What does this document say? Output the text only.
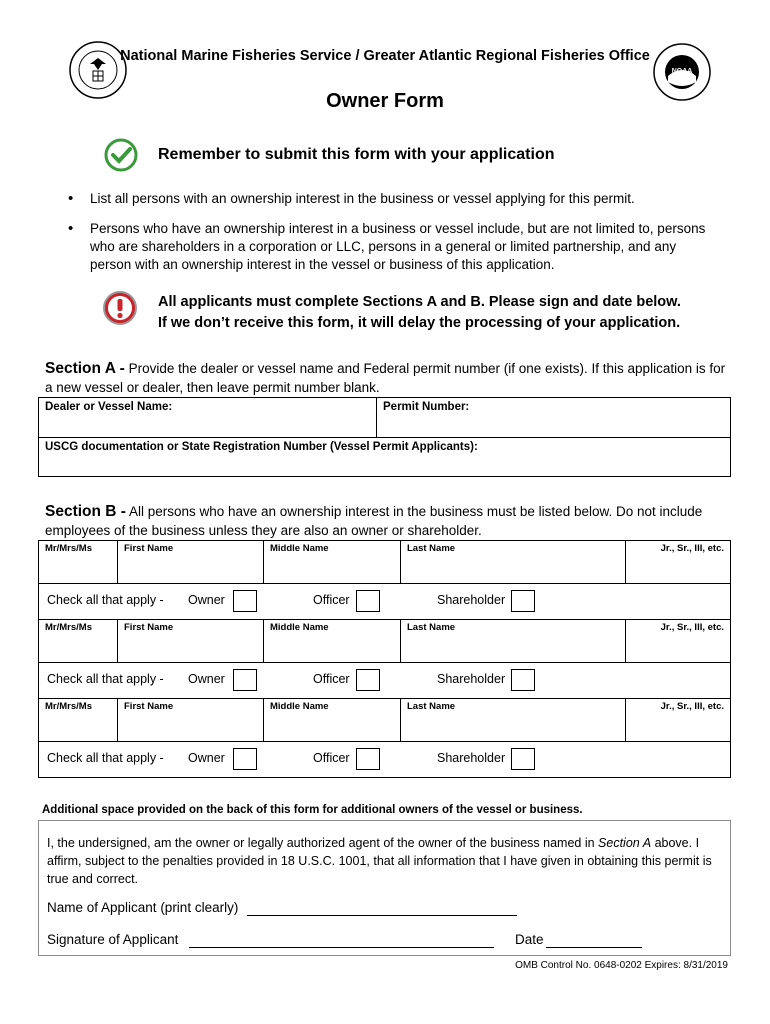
NOAA
National Marine Fisheries Service / Greater Atlantic Regional Fisheries Office
Owner Form
Remember to submit this form with your application
• List all persons with an ownership interest in the business or vessel applying for this permit.
• Persons who have an ownership interest in a business or vessel include, but are not limited to, persons who are shareholders in a corporation or LLC, persons in a general or limited partnership, and any person with an ownership interest in the vessel or business of this application.
All applicants must complete Sections A and B. Please sign and date below.
If we don’t receive this form, it will delay the processing of your application.
Section A - Provide the dealer or vessel name and Federal permit number (if one exists). If this application is for a new vessel or dealer, then leave permit number blank.
Dealer or Vessel Name:	Permit Number:
USCG documentation or State Registration Number (Vessel Permit Applicants):
Section B - All persons who have an ownership interest in the business must be listed below. Do not include employees of the business unless they are also an owner or shareholder.
Mr/Mrs/Ms	First Name	Middle Name	Last Name	Jr., Sr., III, etc.

Check all that apply - Owner Officer Shareholder				

Mr/Mrs/Ms	First Name	Middle Name	Last Name	Jr., Sr., III, etc.

Check all that apply - Owner Officer Shareholder				

Mr/Mrs/Ms	First Name	Middle Name	Last Name	Jr., Sr., III, etc.

Check all that apply - Owner Officer Shareholder				
Additional space provided on the back of this form for additional owners of the vessel or business.
I, the undersigned, am the owner or legally authorized agent of the owner of the business named in Section A above. I affirm, subject to the penalties provided in 18 U.S.C. 1001, that all information that I have given in obtaining this permit is true and correct.
Name of Applicant (print clearly)
Signature of Applicant	Date
OMB Control No. 0648-0202 Expires: 8/31/2019
